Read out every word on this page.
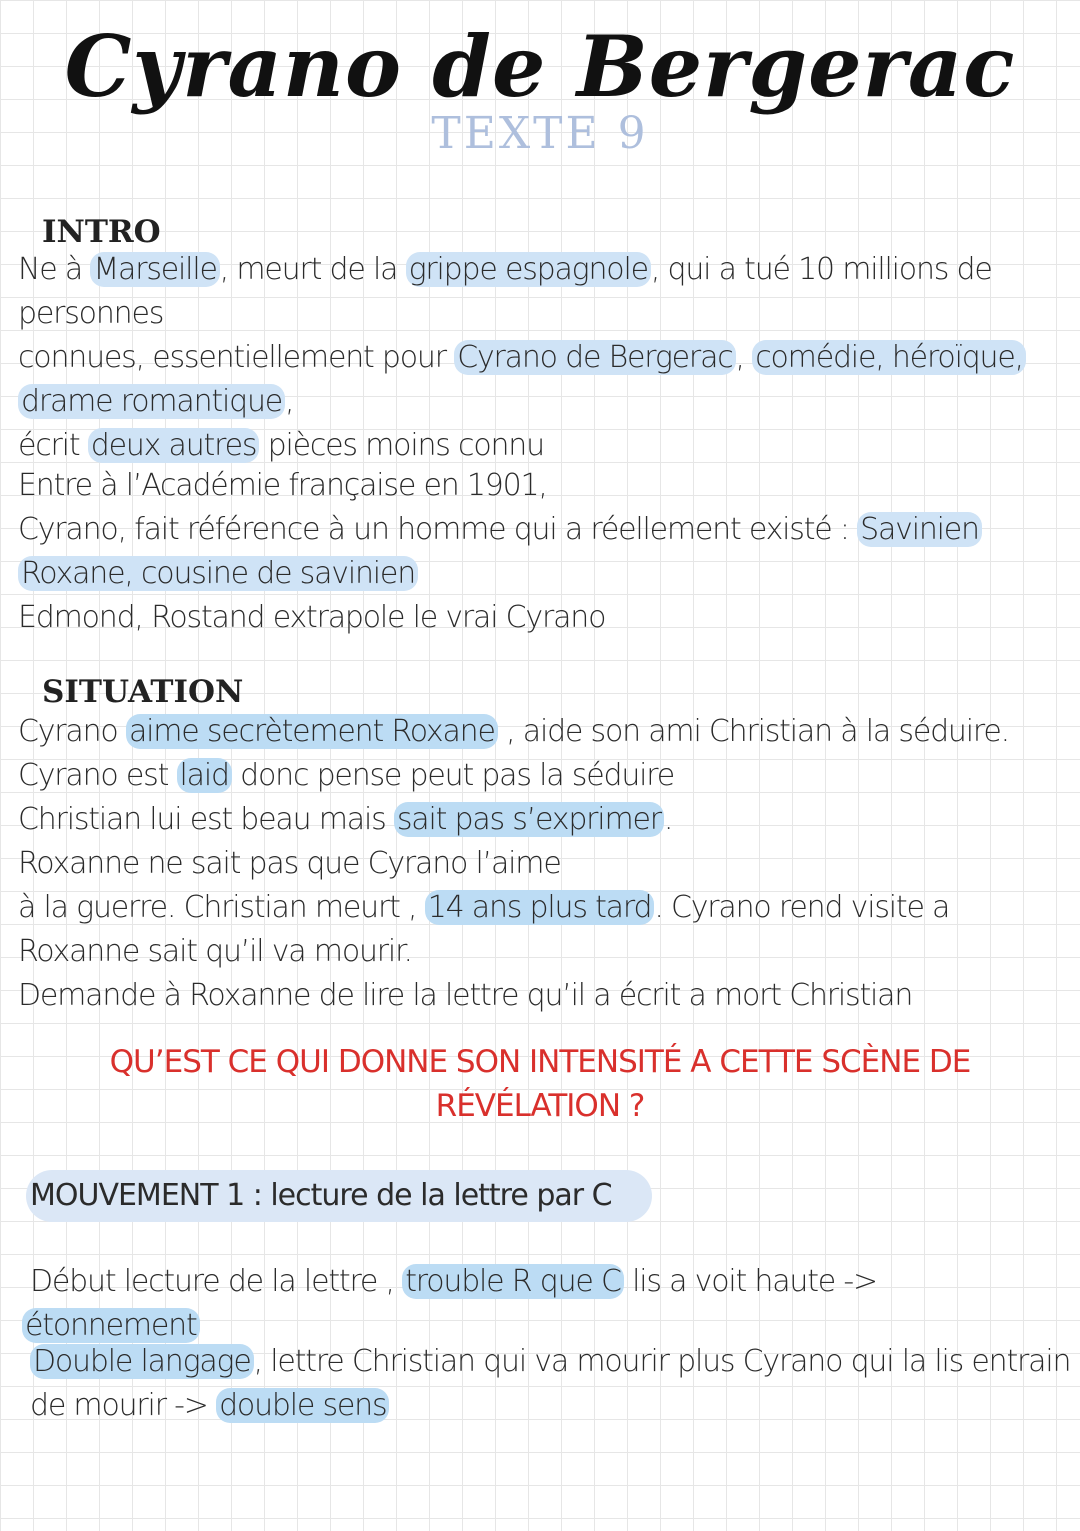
Cyrano de Bergerac
TEXTE 9
INTRO
Ne à Marseille , meurt de la grippe espagnole , qui a tué 10 millions de
personnes
connues, essentiellement pour Cyrano de Bergerac , comédie, héroïque,
drame romantique ,
écrit deux autres pièces moins connu
Entre à l’Académie française en 1901,
Cyrano, fait référence à un homme qui a réellement existé : Savinien
Roxane, cousine de savinien
Edmond, Rostand extrapole le vrai Cyrano
SITUATION
Cyrano aime secrètement Roxane , aide son ami Christian à la séduire.
Cyrano est laid donc pense peut pas la séduire
Christian lui est beau mais sait pas s’exprimer .
Roxanne ne sait pas que Cyrano l’aime
à la guerre. Christian meurt , 14 ans plus tard . Cyrano rend visite a
Roxanne sait qu’il va mourir.
Demande à Roxanne de lire la lettre qu’il a écrit a mort Christian
QU’EST CE QUI DONNE SON INTENSITÉ A CETTE SCÈNE DE
RÉVÉLATION ?
MOUVEMENT 1 : lecture de la lettre par C
Début lecture de la lettre , trouble R que C lis a voit haute ->
étonnement
Double langage , lettre Christian qui va mourir plus Cyrano qui la lis entrain
de mourir -> double sens
